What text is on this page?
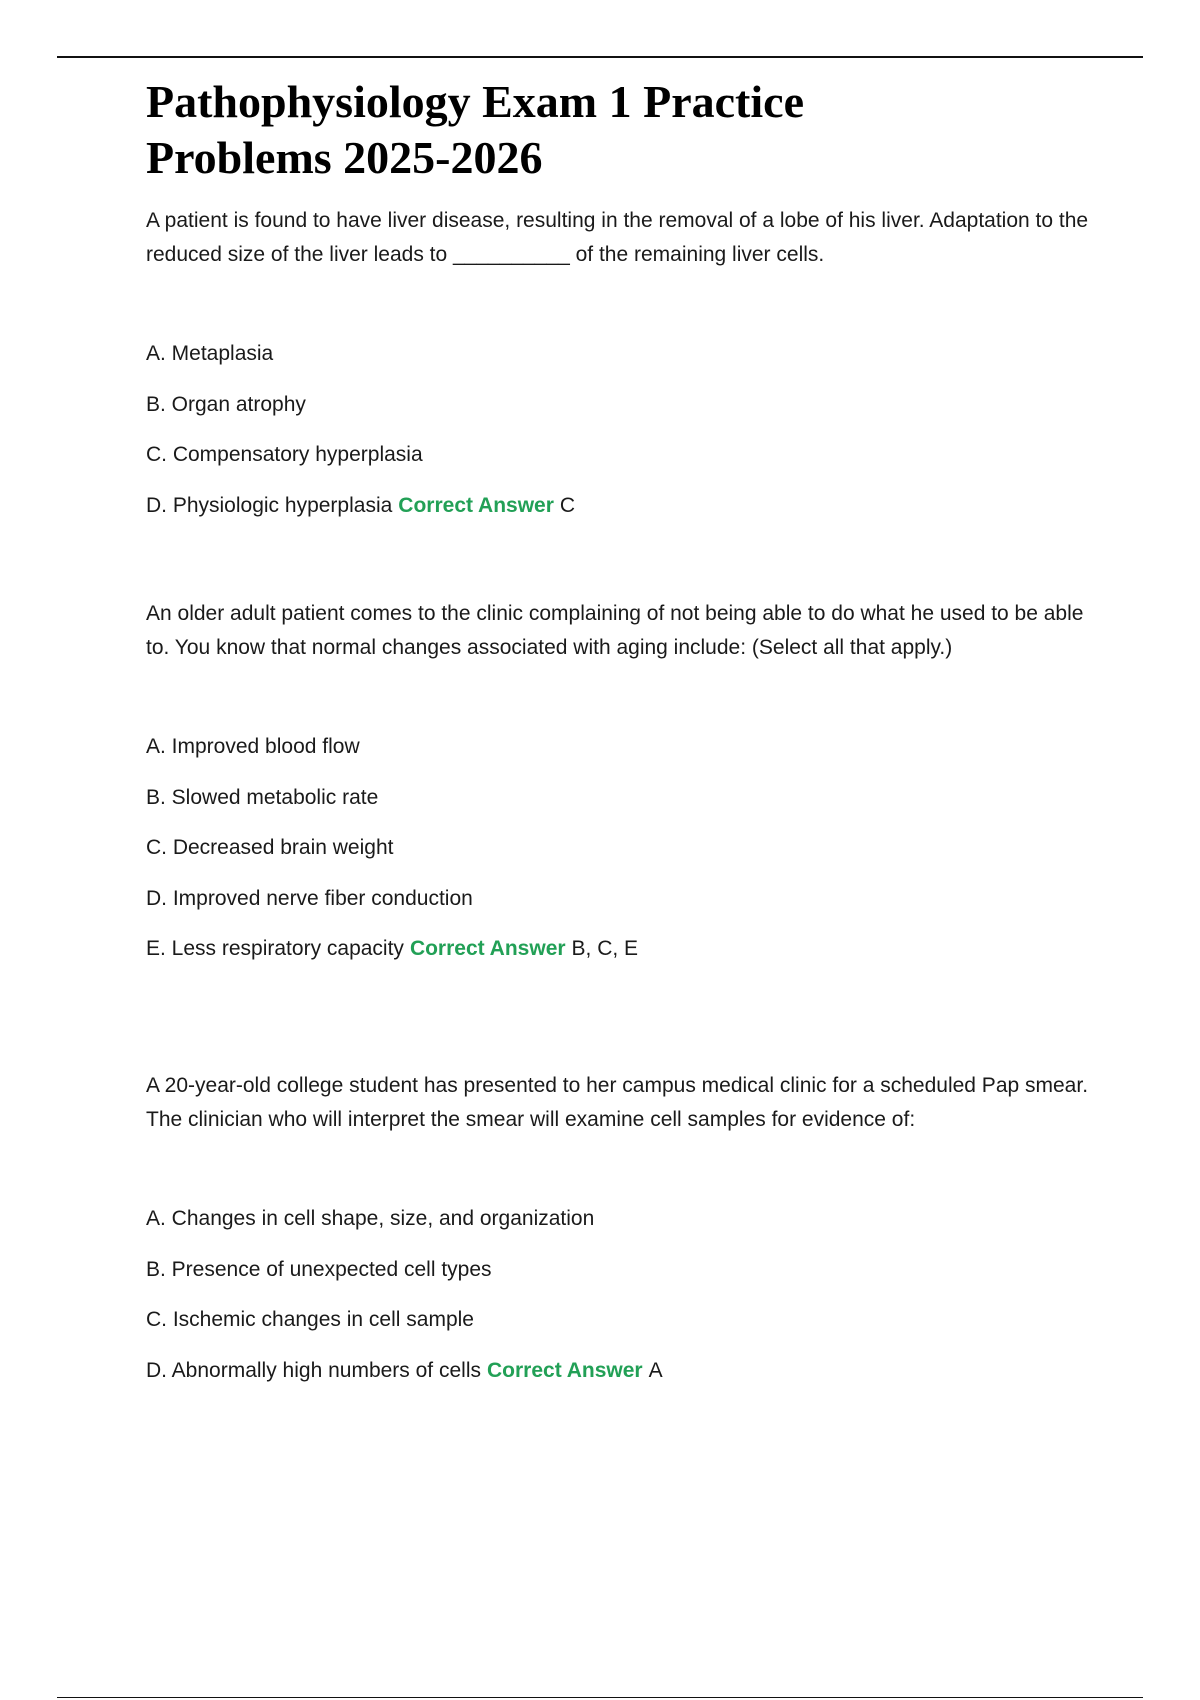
Pathophysiology Exam 1 Practice Problems 2025-2026

A patient is found to have liver disease, resulting in the removal of a lobe of his liver. Adaptation to the reduced size of the liver leads to __________ of the remaining liver cells.

A. Metaplasia
B. Organ atrophy
C. Compensatory hyperplasia
D. Physiologic hyperplasia Correct Answer C

An older adult patient comes to the clinic complaining of not being able to do what he used to be able to. You know that normal changes associated with aging include: (Select all that apply.)

A. Improved blood flow
B. Slowed metabolic rate
C. Decreased brain weight
D. Improved nerve fiber conduction
E. Less respiratory capacity Correct Answer B, C, E

A 20-year-old college student has presented to her campus medical clinic for a scheduled Pap smear. The clinician who will interpret the smear will examine cell samples for evidence of:

A. Changes in cell shape, size, and organization
B. Presence of unexpected cell types
C. Ischemic changes in cell sample
D. Abnormally high numbers of cells Correct Answer A
